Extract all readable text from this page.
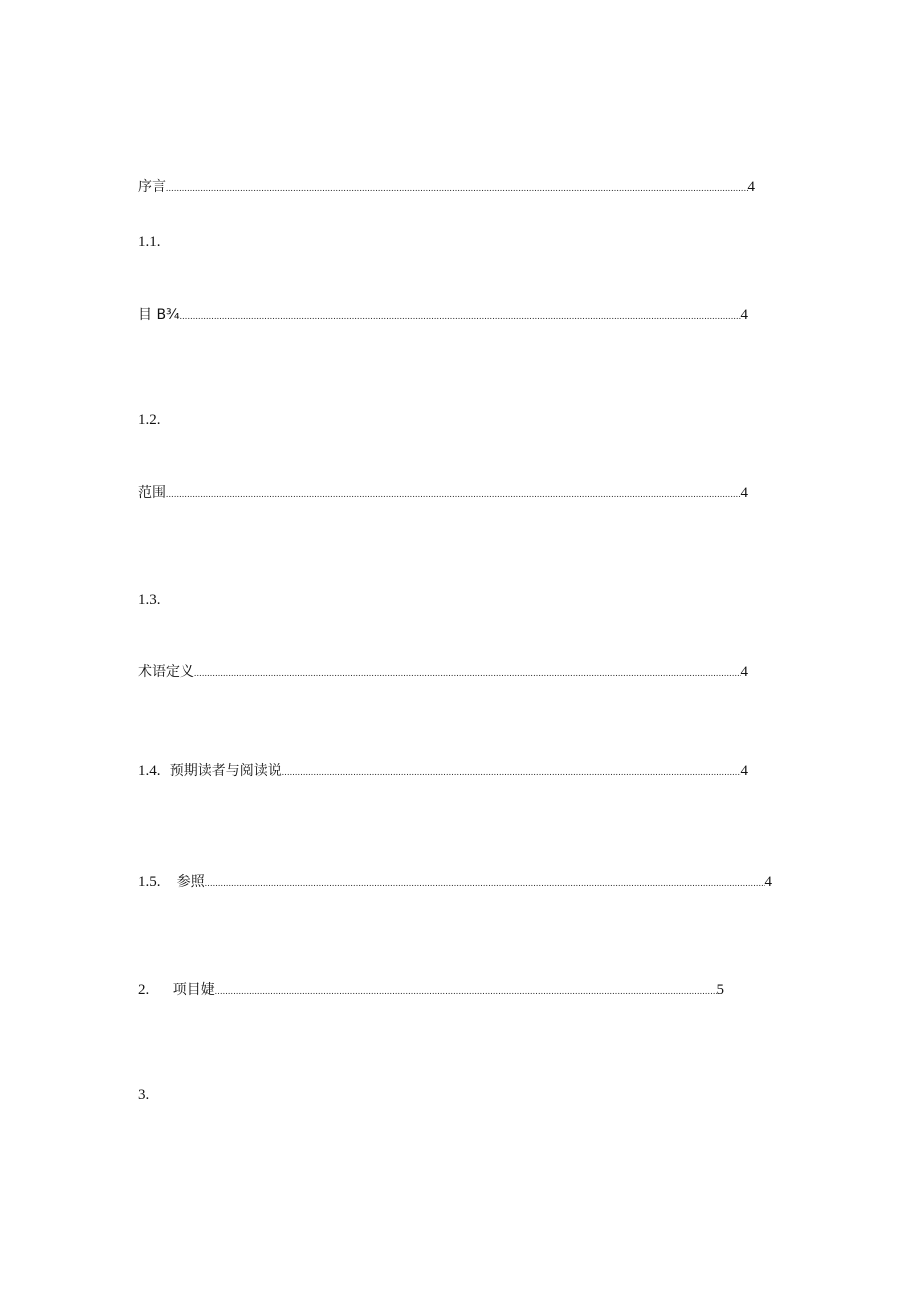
序言 .....	4
1.1.
目 B¾ .....	4
1.2.
范围 .....	4
1.3.
术语定义 .....	4
1.4. 预期读者与阅读说 .....	4
1.5.	参照 .....	4
2.	项目婕 .....	5
3.
